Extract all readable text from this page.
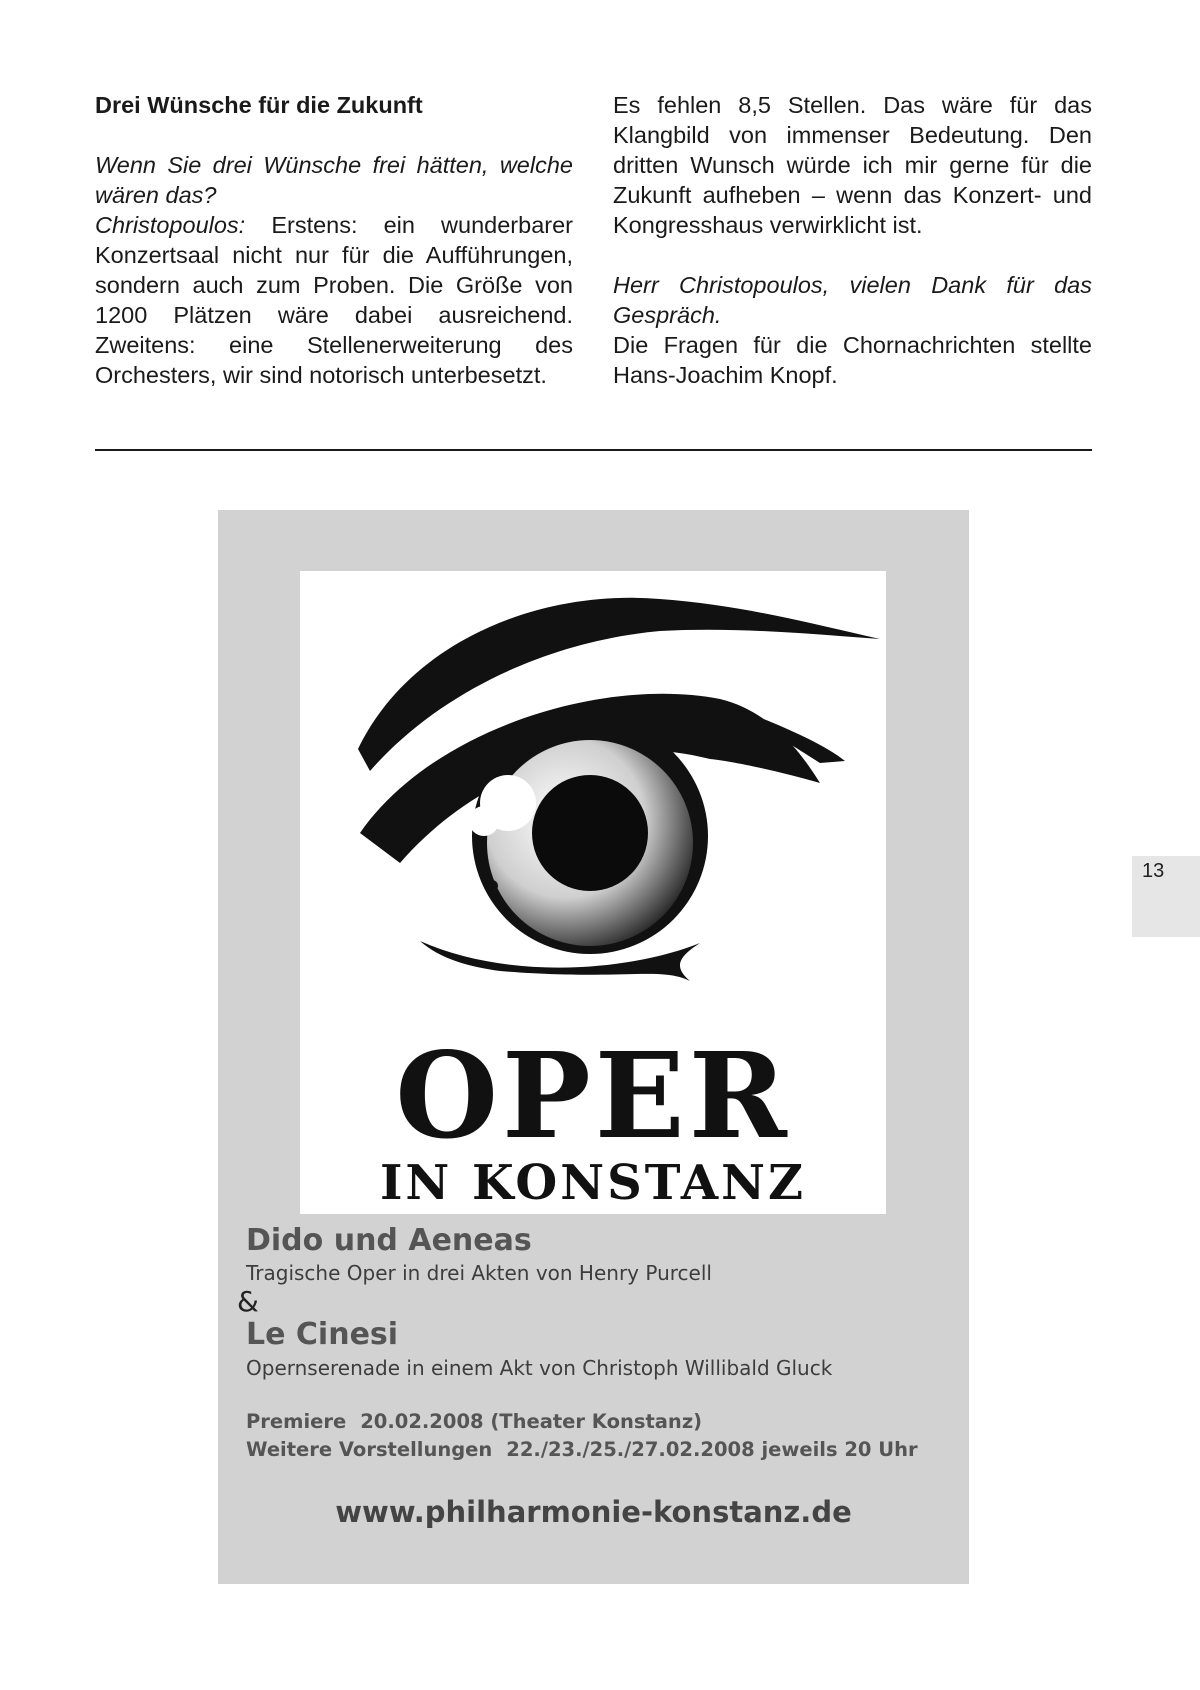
Drei Wünsche für die Zukunft

Wenn Sie drei Wünsche frei hätten, welche wären das?

Christopoulos: Erstens: ein wunderbarer Konzertsaal nicht nur für die Aufführungen, sondern auch zum Proben. Die Größe von 1200 Plätzen wäre dabei ausreichend. Zweitens: eine Stellenerweiterung des Orchesters, wir sind notorisch unterbesetzt.

Es fehlen 8,5 Stellen. Das wäre für das Klangbild von immenser Bedeutung. Den dritten Wunsch würde ich mir gerne für die Zukunft aufheben – wenn das Konzert- und Kongresshaus verwirklicht ist.

Herr Christopoulos, vielen Dank für das Gespräch.

Die Fragen für die Chornachrichten stellte Hans-Joachim Knopf.

13
OPER
IN KONSTANZ
Dido und Aeneas
Tragische Oper in drei Akten von Henry Purcell
&
Le Cinesi
Opernserenade in einem Akt von Christoph Willibald Gluck
Premiere 20.02.2008 (Theater Konstanz)
Weitere Vorstellungen 22./23./25./27.02.2008 jeweils 20 Uhr
www.philharmonie-konstanz.de
